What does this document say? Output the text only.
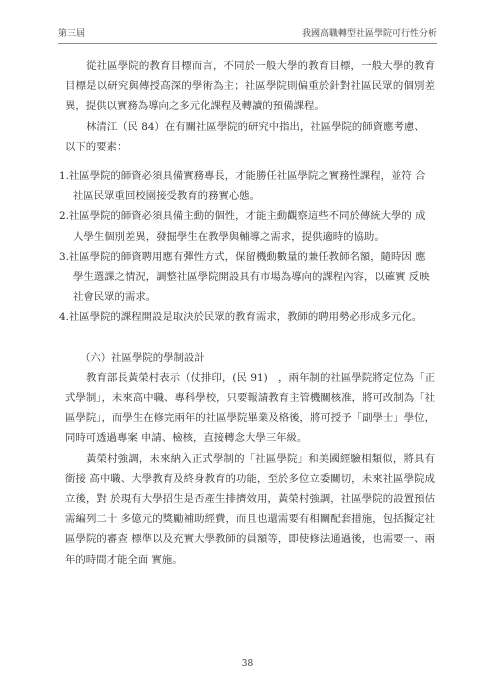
第三屆	我國高職轉型社區學院可行性分析

從社區學院的教育目標而言，不同於一般大學的教育目標，一般大學的教育 目標是以研究與傳授高深的學術為主；社區學院則偏重於針對社區民眾的個別差 異，提供以實務為導向之多元化課程及轉讀的預備課程。

林清江（民 84）在有關社區學院的研究中指出，社區學院的師資應考慮、以下的要素：

1.社區學院的師資必須具備實務專長，才能勝任社區學院之實務性課程，並符 合社區民眾重回校園接受教育的務實心態。
2.社區學院的師資必須具備主動的個性，才能主動觀察這些不同於傳統大學的 成人學生個別差異，發掘學生在教學與輔導之需求，提供適時的協助。
3.社區學院的師資聘用應有彈性方式，保留機動數量的兼任教師名額，隨時因 應學生選課之情況，調整社區學院開設具有市場為導向的課程內容，以確實 反映社會民眾的需求。
4.社區學院的課程開設是取決於民眾的教育需求，教師的聘用勢必形成多元化。

（六）社區學院的學制設計

教育部長黃榮村表示（仗排印，(民 91)　，兩年制的社區學院將定位為「正式學制」，未來高中職、專科學校，只要報請教育主管機關核准，將可改制為「社區學院」，而學生在修完兩年的社區學院畢業及格後，將可授予「副學士」學位，同時可透過專案 申請、檢核，直接轉念大學三年級。

黃榮村強調，未來納入正式學制的「社區學院」和美國經驗相類似，將具有銜接 高中職、大學教育及終身教育的功能，至於多位立委關切，未來社區學院成立後，對 於現有大學招生是否產生排擠效用，黃榮村強調，社區學院的設置預估需編列二十 多億元的獎勵補助經費，而且也還需要有相關配套措施，包括擬定社區學院的審查 標準以及充實大學教師的員額等，即使修法通過後，也需要一、兩年的時間才能全面 實施。

38
